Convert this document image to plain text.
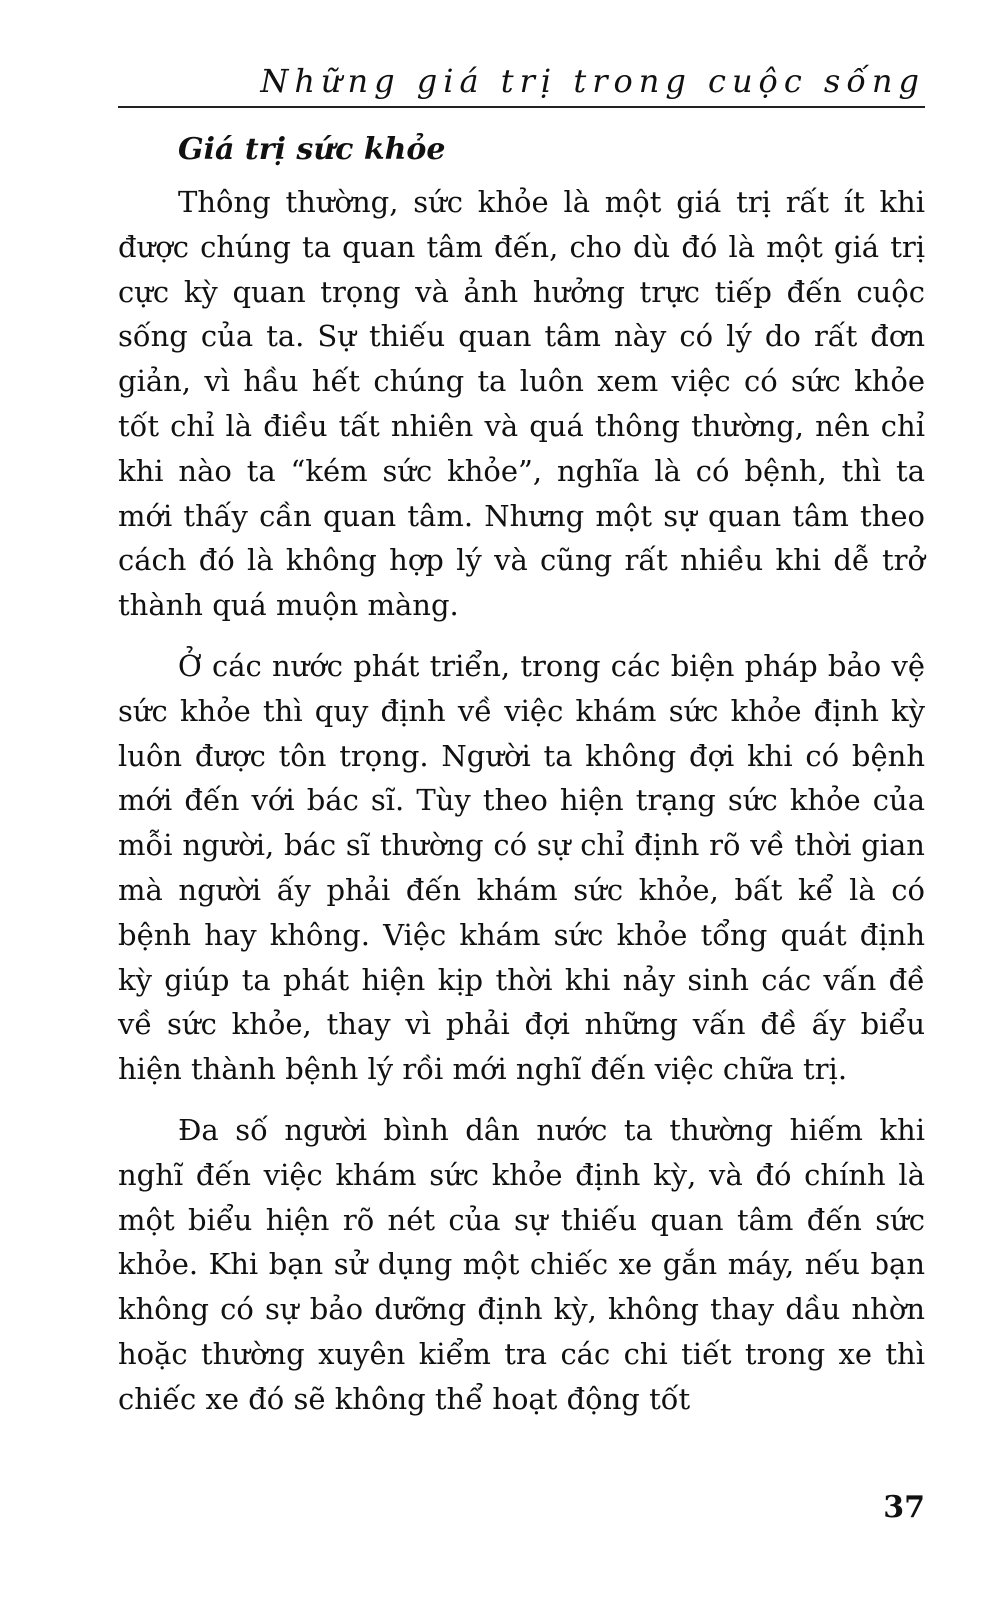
Những giá trị trong cuộc sống
Giá trị sức khỏe

Thông thường, sức khỏe là một giá trị rất ít khi được chúng ta quan tâm đến, cho dù đó là một giá trị cực kỳ quan trọng và ảnh hưởng trực tiếp đến cuộc sống của ta. Sự thiếu quan tâm này có lý do rất đơn giản, vì hầu hết chúng ta luôn xem việc có sức khỏe tốt chỉ là điều tất nhiên và quá thông thường, nên chỉ khi nào ta “kém sức khỏe”, nghĩa là có bệnh, thì ta mới thấy cần quan tâm. Nhưng một sự quan tâm theo cách đó là không hợp lý và cũng rất nhiều khi dễ trở thành quá muộn màng.

Ở các nước phát triển, trong các biện pháp bảo vệ sức khỏe thì quy định về việc khám sức khỏe định kỳ luôn được tôn trọng. Người ta không đợi khi có bệnh mới đến với bác sĩ. Tùy theo hiện trạng sức khỏe của mỗi người, bác sĩ thường có sự chỉ định rõ về thời gian mà người ấy phải đến khám sức khỏe, bất kể là có bệnh hay không. Việc khám sức khỏe tổng quát định kỳ giúp ta phát hiện kịp thời khi nảy sinh các vấn đề về sức khỏe, thay vì phải đợi những vấn đề ấy biểu hiện thành bệnh lý rồi mới nghĩ đến việc chữa trị.

Đa số người bình dân nước ta thường hiếm khi nghĩ đến việc khám sức khỏe định kỳ, và đó chính là một biểu hiện rõ nét của sự thiếu quan tâm đến sức khỏe. Khi bạn sử dụng một chiếc xe gắn máy, nếu bạn không có sự bảo dưỡng định kỳ, không thay dầu nhờn hoặc thường xuyên kiểm tra các chi tiết trong xe thì chiếc xe đó sẽ không thể hoạt động tốt

37
